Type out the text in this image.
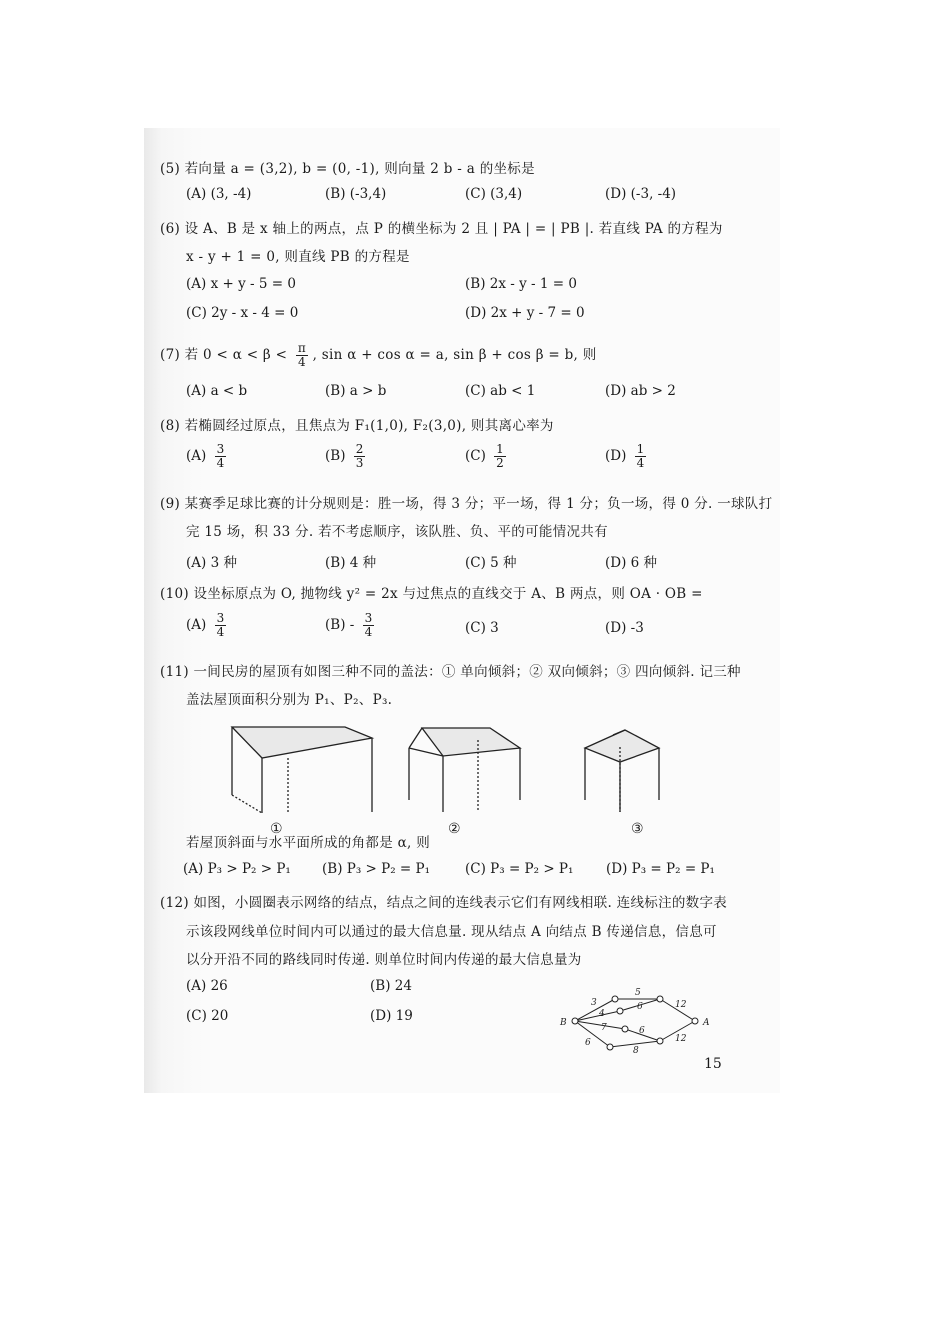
(5) 若向量 a = (3,2), b = (0, -1), 则向量 2 b - a 的坐标是
(A) (3, -4)	(B) (-3,4)	(C) (3,4)	(D) (-3, -4)
(6) 设 A、B 是 x 轴上的两点，点 P 的横坐标为 2 且 | PA | = | PB |. 若直线 PA 的方程为
x - y + 1 = 0, 则直线 PB 的方程是
(A) x + y - 5 = 0	(B) 2x - y - 1 = 0
(C) 2y - x - 4 = 0	(D) 2x + y - 7 = 0
(7) 若 $0 < \alpha < \beta < \frac{\pi}{4}$ , sin α + cos α = a, sin β + cos β = b, 则
(A) a < b	(B) a > b	(C) ab < 1	(D) ab > 2
(8) 若椭圆经过原点，且焦点为 F₁(1,0), F₂(3,0), 则其离心率为
$(A) \frac{3}{4}$	$(B) \frac{2}{3}$	$(C) \frac{1}{2}$	$(D) \frac{1}{4}$
(9) 某赛季足球比赛的计分规则是：胜一场，得 3 分；平一场，得 1 分；负一场，得 0 分. 一球队打
完 15 场，积 33 分. 若不考虑顺序，该队胜、负、平的可能情况共有
(A) 3 种	(B) 4 种	(C) 5 种	(D) 6 种
(10) 设坐标原点为 O, 抛物线 y² = 2x 与过焦点的直线交于 A、B 两点，则 OA · OB =
$(A) \frac{3}{4}$	$(B) - \frac{3}{4}$	(C) 3	(D) -3
(11) 一间民房的屋顶有如图三种不同的盖法：① 单向倾斜；② 双向倾斜；③ 四向倾斜. 记三种
盖法屋顶面积分别为 P₁、P₂、P₃.
①	②	③
若屋顶斜面与水平面所成的角都是 α, 则
(A) P₃ > P₂ > P₁ (B) P₃ > P₂ = P₁	(C) P₃ = P₂ > P₁ (D) P₃ = P₂ = P₁
(12) 如图，小圆圈表示网络的结点，结点之间的连线表示它们有网线相联. 连线标注的数字表
示该段网线单位时间内可以通过的最大信息量. 现从结点 A 向结点 B 传递信息，信息可
以分开沿不同的路线同时传递. 则单位时间内传递的最大信息量为
(A) 26	(B) 24
(C) 20	(D) 19	B	A
3
5
12
4
6
7	6
6
8
12
15
